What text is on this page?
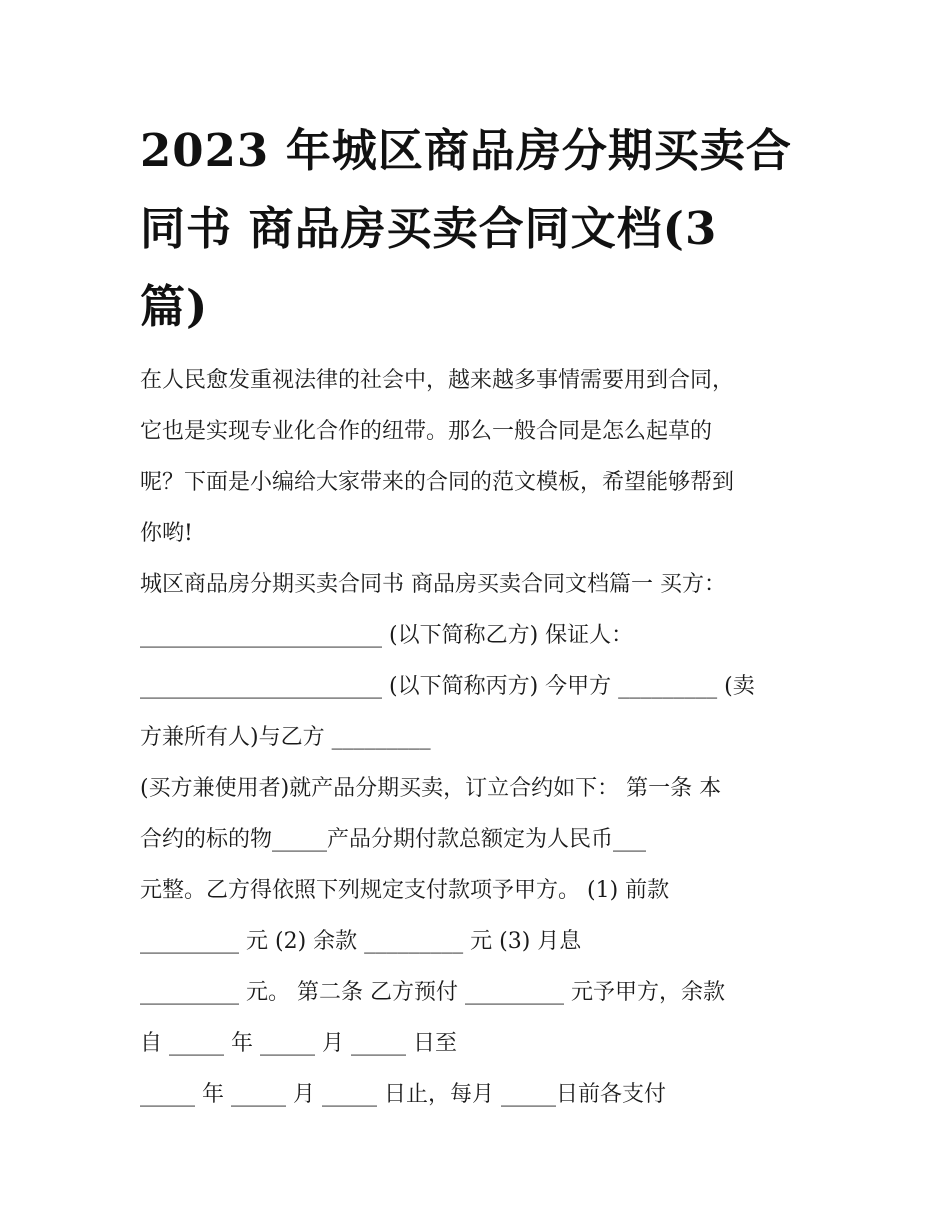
2023 年城区商品房分期买卖合
同书 商品房买卖合同文档(3
篇)
在人民愈发重视法律的社会中，越来越多事情需要用到合同，
它也是实现专业化合作的纽带。那么一般合同是怎么起草的
呢？下面是小编给大家带来的合同的范文模板，希望能够帮到
你哟!
城区商品房分期买卖合同书 商品房买卖合同文档篇一 买方：
______________________ (以下简称乙方) 保证人：
______________________ (以下简称丙方) 今甲方 _________ (卖
方兼所有人)与乙方 _________
(买方兼使用者)就产品分期买卖，订立合约如下： 第一条 本
合约的标的物_____产品分期付款总额定为人民币___
元整。乙方得依照下列规定支付款项予甲方。 (1) 前款
_________ 元 (2) 余款 _________ 元 (3) 月息
_________ 元。 第二条 乙方预付 _________ 元予甲方，余款
自 _____ 年 _____ 月 _____ 日至
_____ 年 _____ 月 _____ 日止，每月 _____日前各支付
